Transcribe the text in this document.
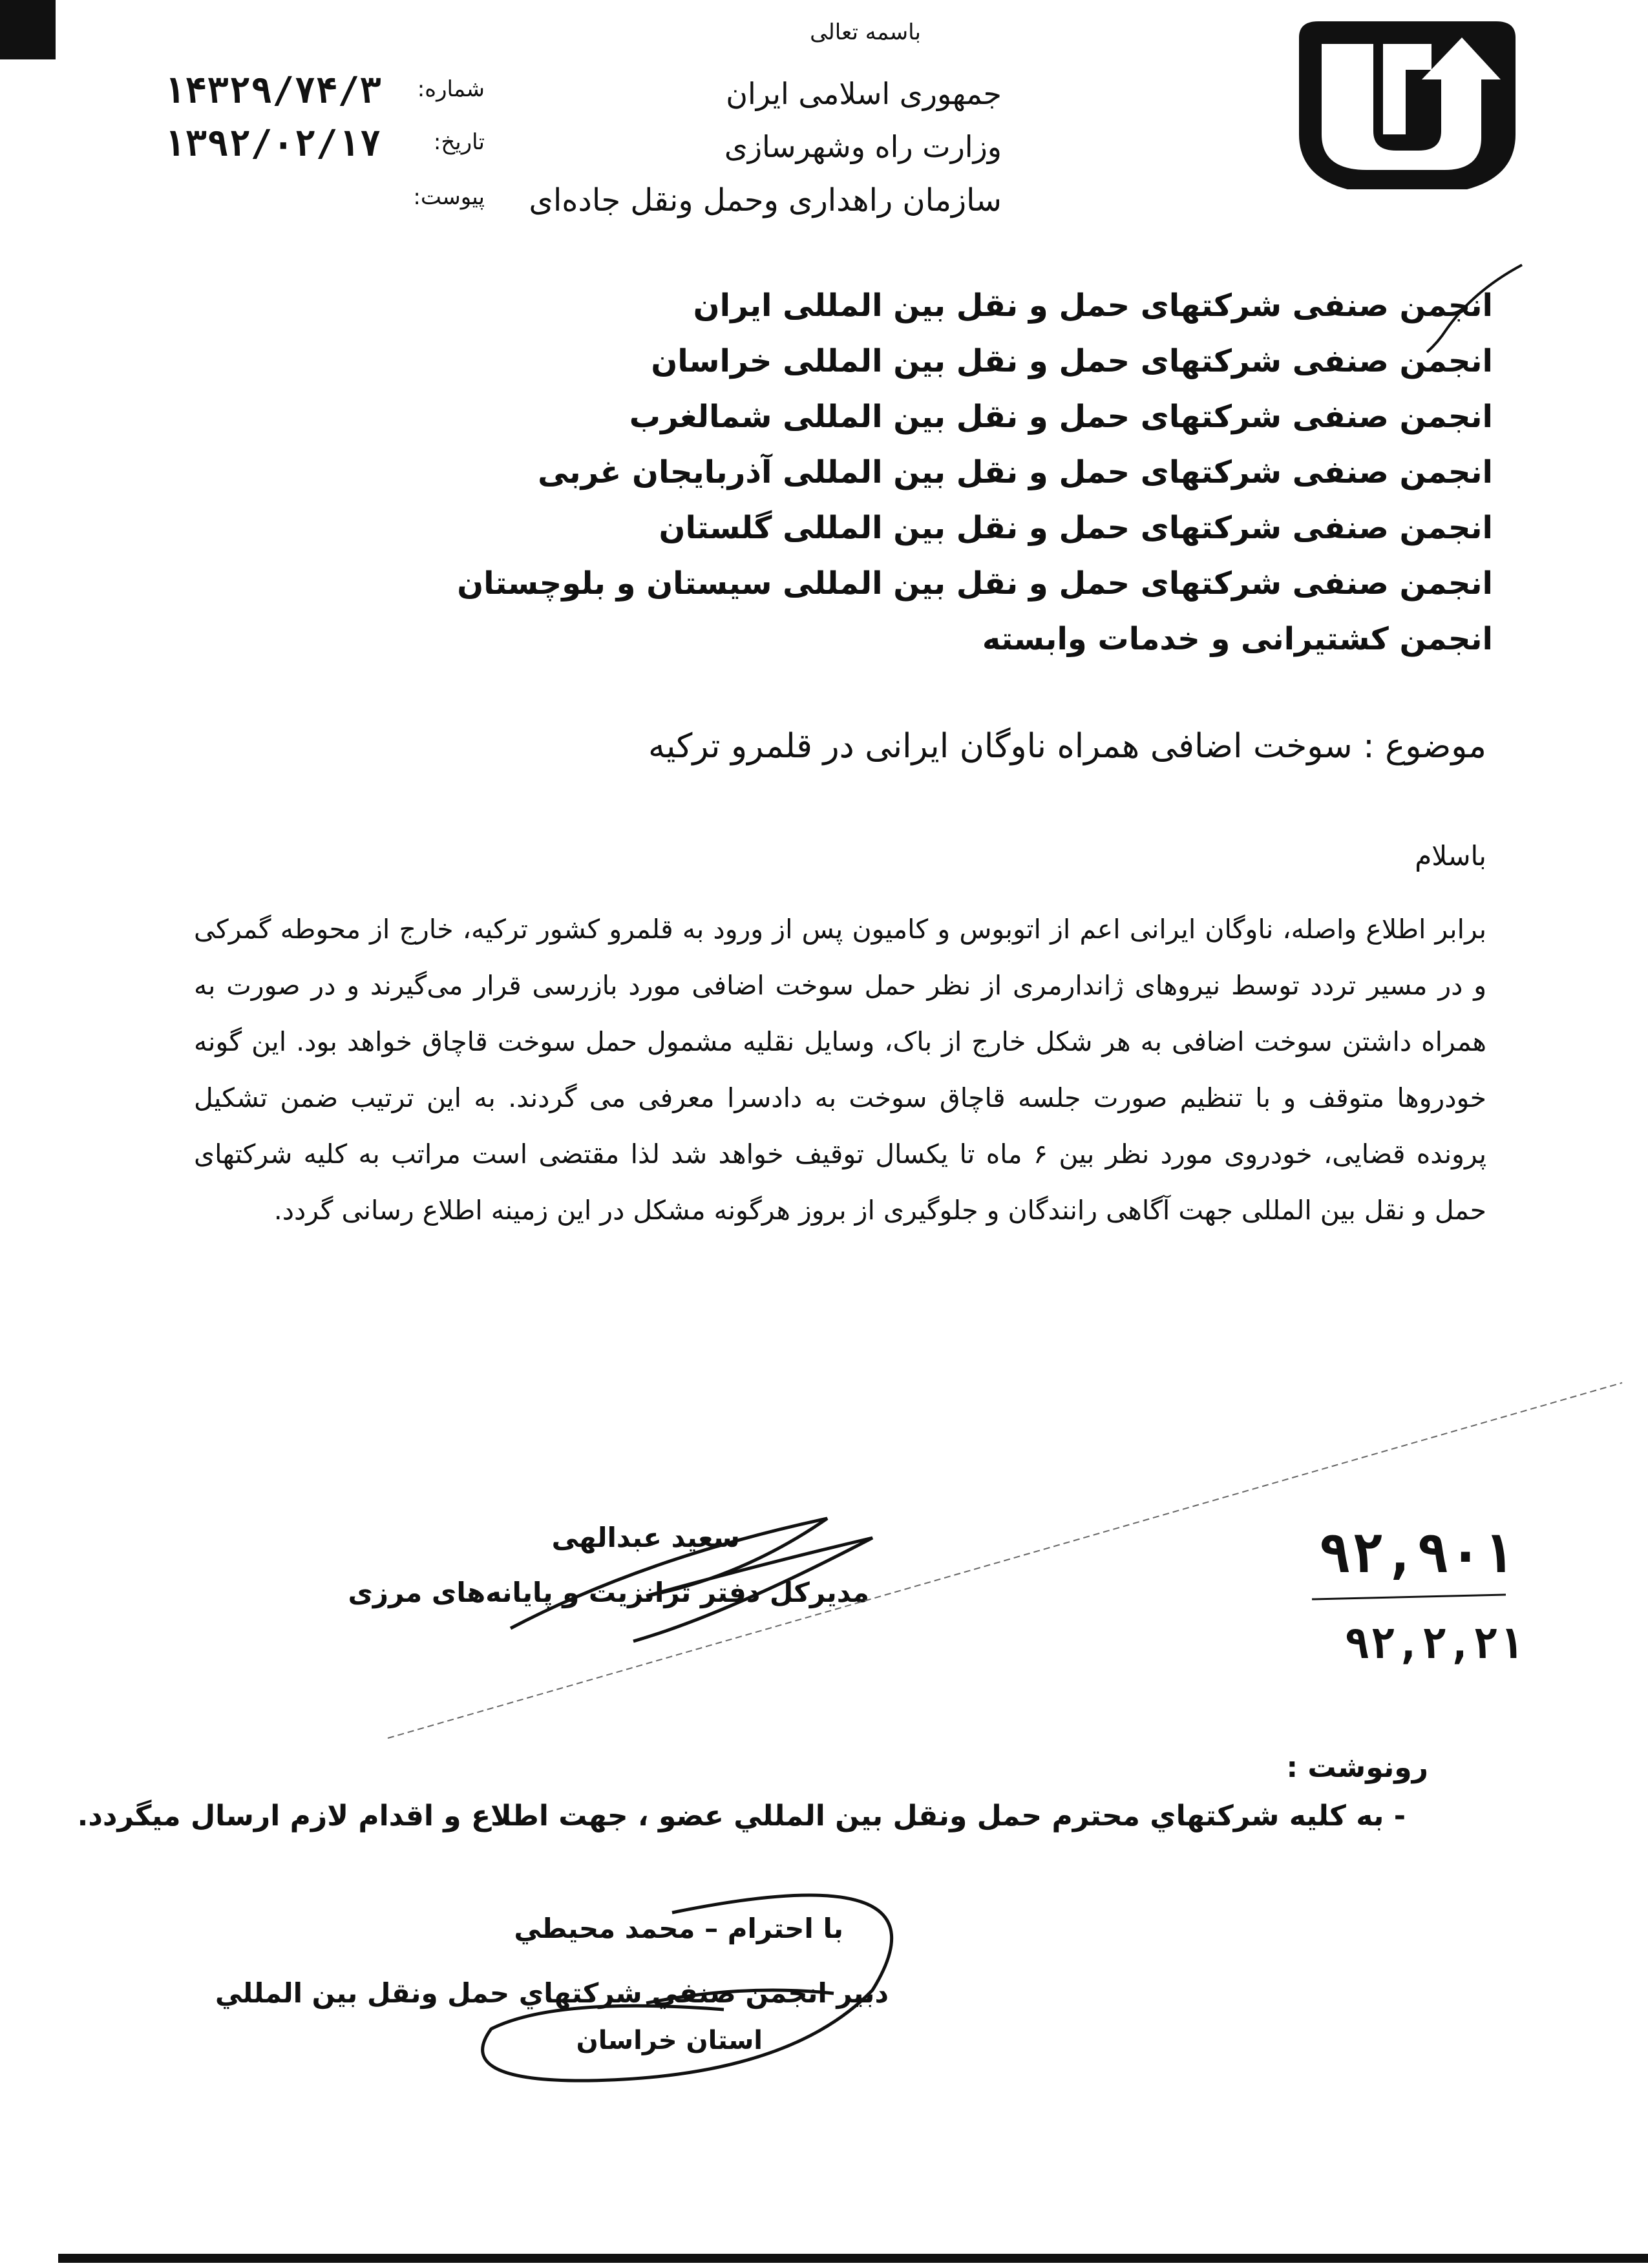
باسمه تعالی
جمهوری اسلامی ایران
وزارت راه وشهرسازی
سازمان راهداری وحمل ونقل جاده‌ای
شماره:
۱۴۳۲۹/۷۴/۳
تاریخ:
۱۳۹۲/۰۲/۱۷
پیوست:
انجمن صنفی شرکتهای حمل و نقل بین المللی ایران
انجمن صنفی شرکتهای حمل و نقل بین المللی خراسان
انجمن صنفی شرکتهای حمل و نقل بین المللی شمالغرب
انجمن صنفی شرکتهای حمل و نقل بین المللی آذربایجان غربی
انجمن صنفی شرکتهای حمل و نقل بین المللی گلستان
انجمن صنفی شرکتهای حمل و نقل بین المللی سیستان و بلوچستان
انجمن کشتیرانی و خدمات وابسته
موضوع : سوخت اضافی همراه ناوگان ایرانی در قلمرو ترکیه
باسلام
برابر اطلاع واصله، ناوگان ایرانی اعم از اتوبوس و کامیون پس از ورود به قلمرو کشور ترکیه، خارج از محوطه گمرکی و در مسیر تردد توسط نیروهای ژاندارمری از نظر حمل سوخت اضافی مورد بازرسی قرار می‌گیرند و در صورت به همراه داشتن سوخت اضافی به هر شکل خارج از باک، وسایل نقلیه مشمول حمل سوخت قاچاق خواهد بود. این گونه خودروها متوقف و با تنظیم صورت جلسه قاچاق سوخت به دادسرا معرفی می گردند. به این ترتیب ضمن تشکیل پرونده قضایی، خودروی مورد نظر بین ۶ ماه تا یکسال توقیف خواهد شد لذا مقتضی است مراتب به کلیه شرکتهای حمل و نقل بین المللی جهت آگاهی رانندگان و جلوگیری از بروز هرگونه مشکل در این زمینه اطلاع رسانی گردد.
سعید عبدالهی
مدیرکل دفتر ترانزیت و پایانه‌های مرزی
۹۲,۹۰۱
۹۲,۲,۲۱
رونوشت :
- به كليه شركتهاي محترم حمل ونقل بين المللي عضو ، جهت اطلاع و اقدام لازم ارسال ميگردد.
با احترام – محمد محيطي
دبير انجمن صنفي شركتهاي حمل ونقل بين المللي
استان خراسان
